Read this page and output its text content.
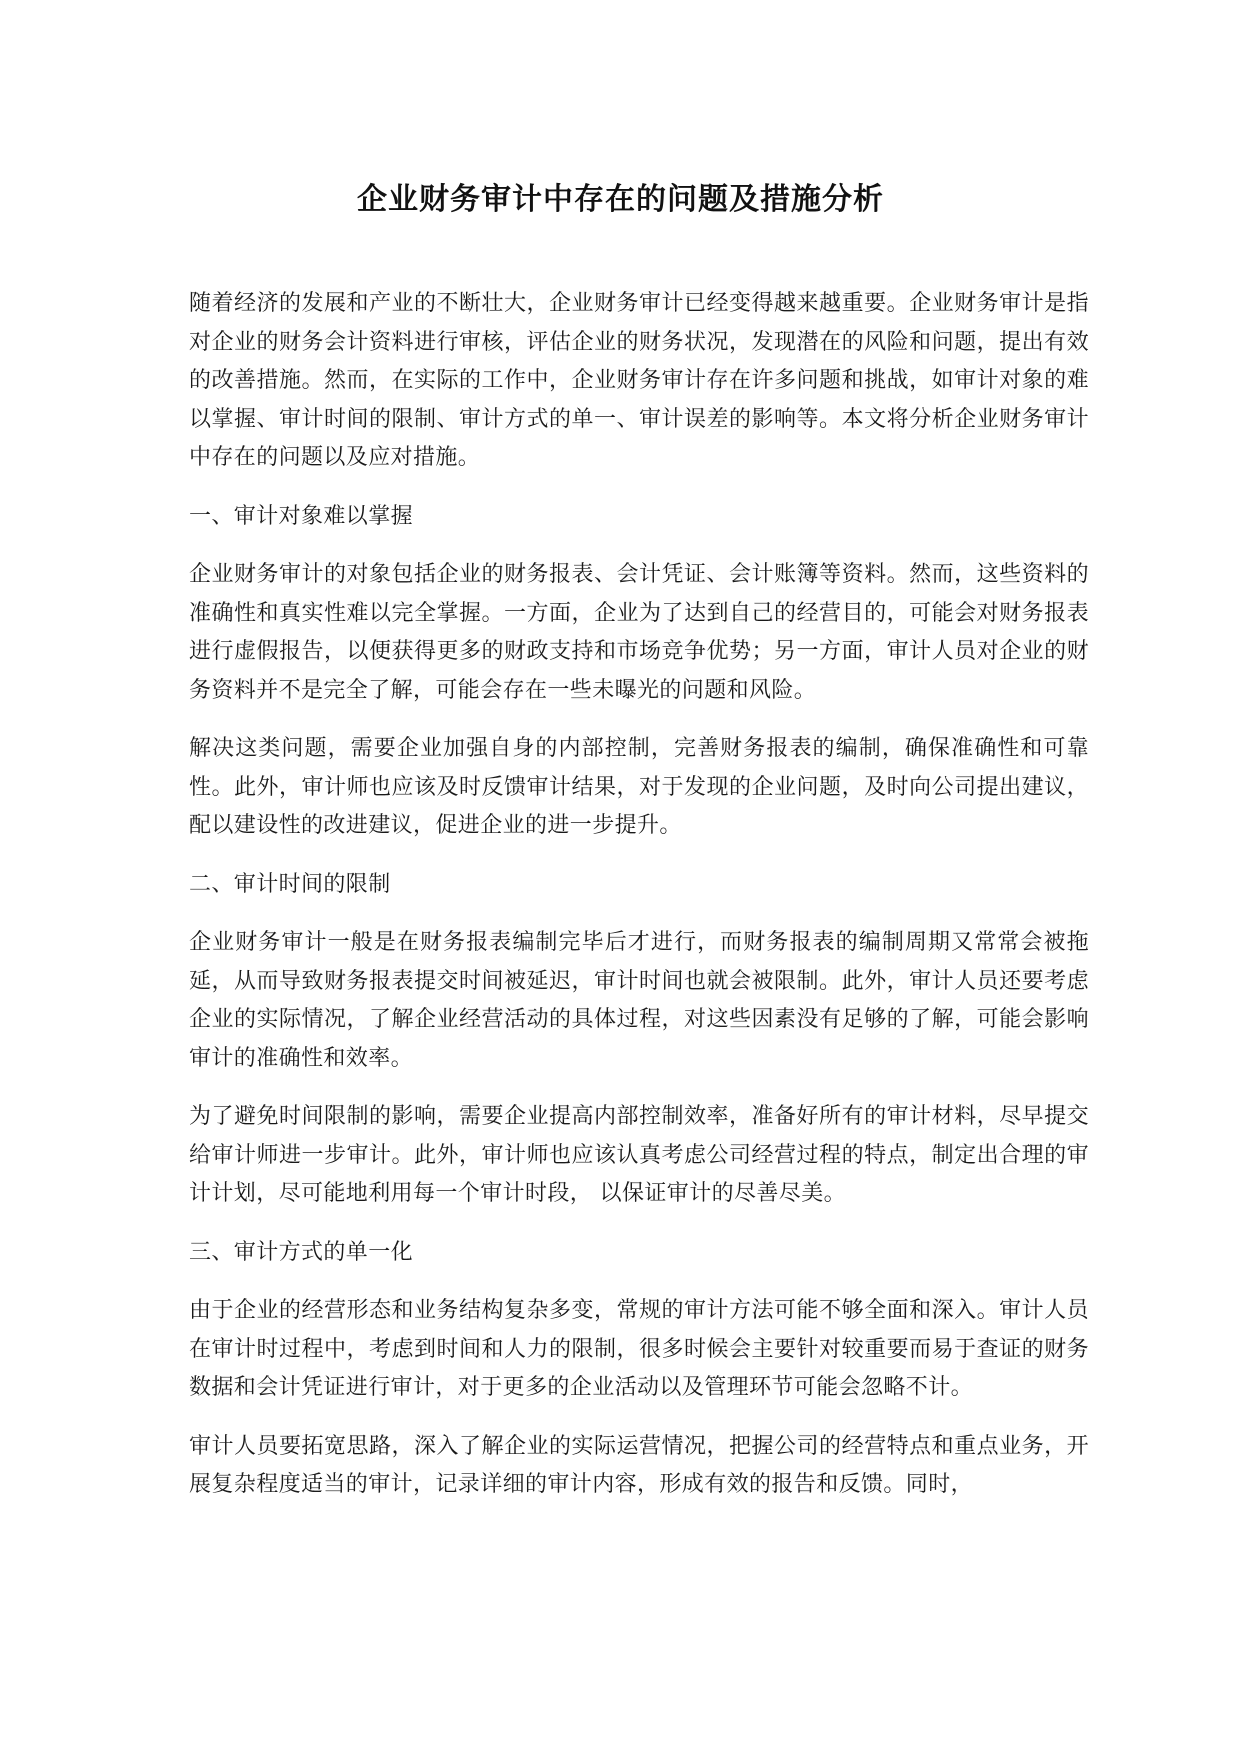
企业财务审计中存在的问题及措施分析

随着经济的发展和产业的不断壮大，企业财务审计已经变得越来越重要。企业财务审计是指对企业的财务会计资料进行审核，评估企业的财务状况，发现潜在的风险和问题，提出有效的改善措施。然而，在实际的工作中，企业财务审计存在许多问题和挑战，如审计对象的难以掌握、审计时间的限制、审计方式的单一、审计误差的影响等。本文将分析企业财务审计中存在的问题以及应对措施。

一、审计对象难以掌握

企业财务审计的对象包括企业的财务报表、会计凭证、会计账簿等资料。然而，这些资料的准确性和真实性难以完全掌握。一方面，企业为了达到自己的经营目的，可能会对财务报表进行虚假报告，以便获得更多的财政支持和市场竞争优势；另一方面，审计人员对企业的财务资料并不是完全了解，可能会存在一些未曝光的问题和风险。

解决这类问题，需要企业加强自身的内部控制，完善财务报表的编制，确保准确性和可靠性。此外，审计师也应该及时反馈审计结果，对于发现的企业问题，及时向公司提出建议，配以建设性的改进建议，促进企业的进一步提升。

二、审计时间的限制

企业财务审计一般是在财务报表编制完毕后才进行，而财务报表的编制周期又常常会被拖延，从而导致财务报表提交时间被延迟，审计时间也就会被限制。此外，审计人员还要考虑企业的实际情况，了解企业经营活动的具体过程，对这些因素没有足够的了解，可能会影响审计的准确性和效率。

为了避免时间限制的影响，需要企业提高内部控制效率，准备好所有的审计材料，尽早提交给审计师进一步审计。此外，审计师也应该认真考虑公司经营过程的特点，制定出合理的审计计划，尽可能地利用每一个审计时段， 以保证审计的尽善尽美。

三、审计方式的单一化

由于企业的经营形态和业务结构复杂多变，常规的审计方法可能不够全面和深入。审计人员在审计时过程中，考虑到时间和人力的限制，很多时候会主要针对较重要而易于查证的财务数据和会计凭证进行审计，对于更多的企业活动以及管理环节可能会忽略不计。

审计人员要拓宽思路，深入了解企业的实际运营情况，把握公司的经营特点和重点业务，开展复杂程度适当的审计，记录详细的审计内容，形成有效的报告和反馈。同时，
